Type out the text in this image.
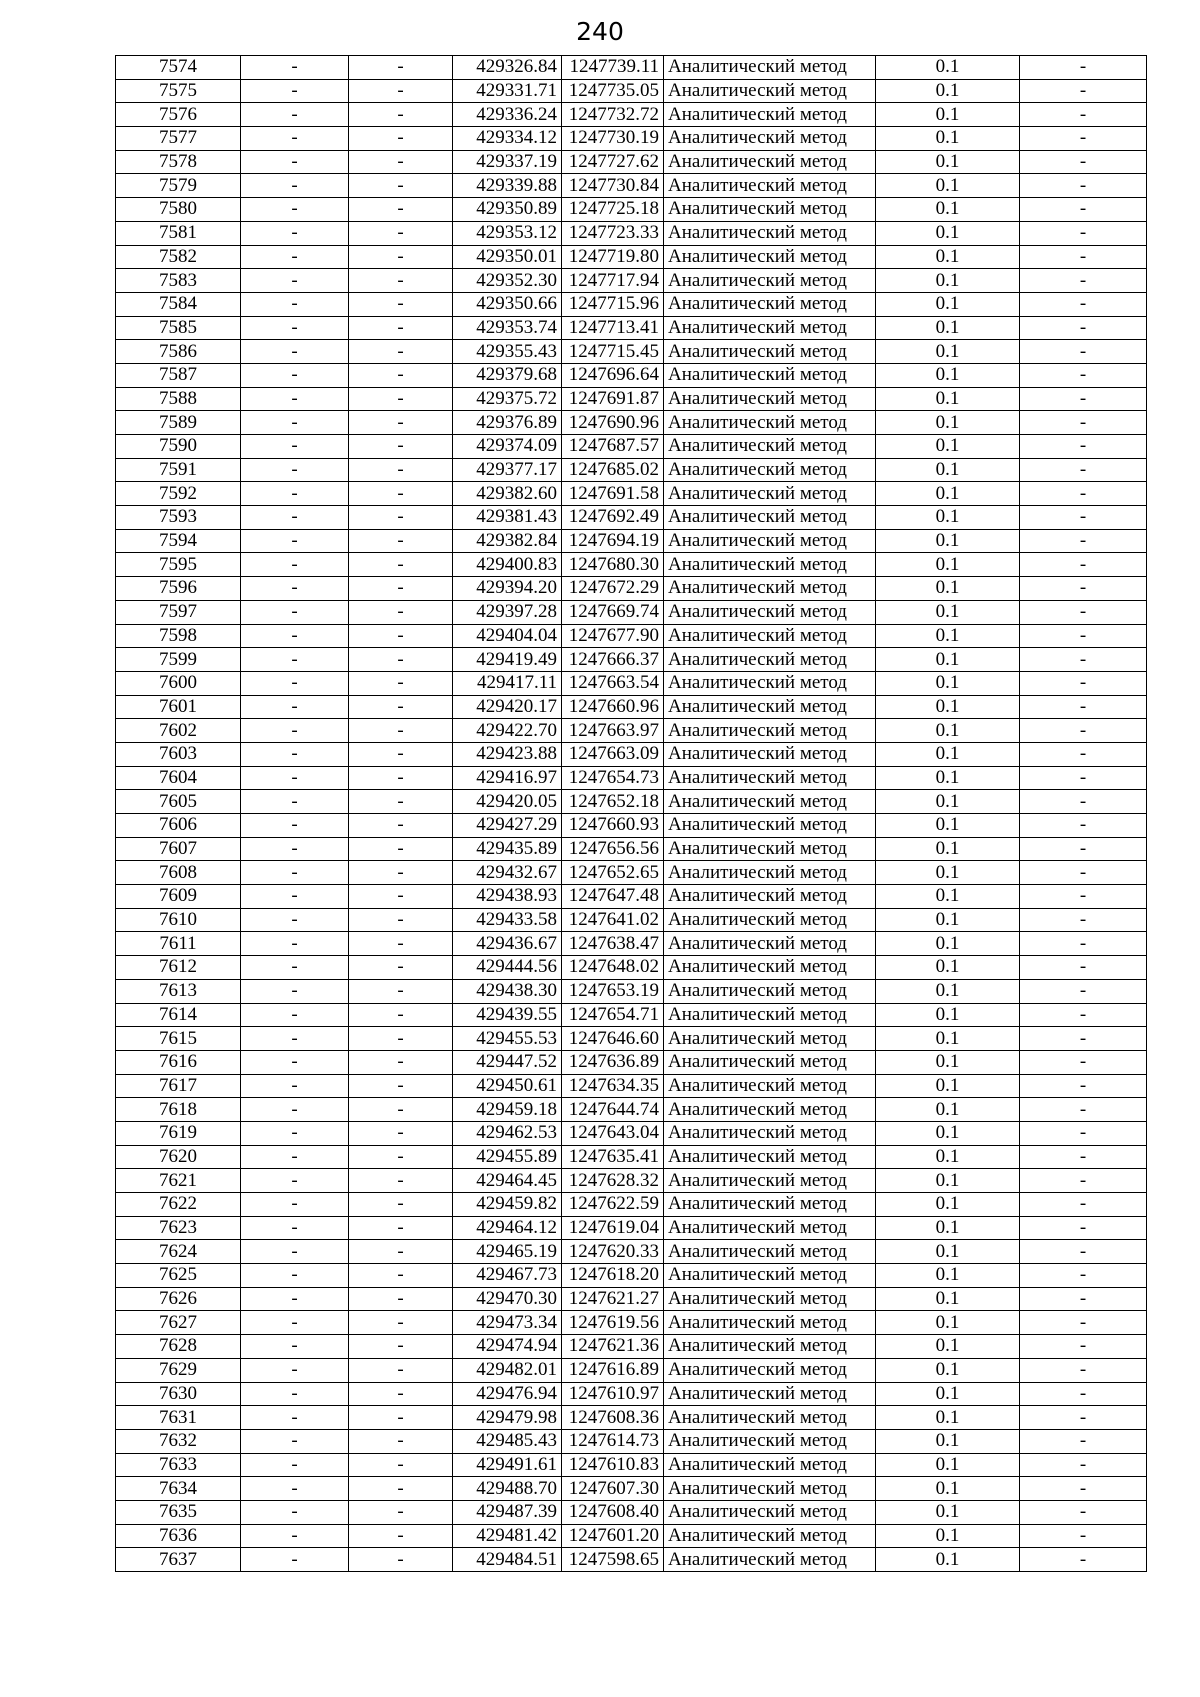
240
7574	-	-	429326.84	1247739.11	Аналитический метод	0.1	-
7575	-	-	429331.71	1247735.05	Аналитический метод	0.1	-
7576	-	-	429336.24	1247732.72	Аналитический метод	0.1	-
7577	-	-	429334.12	1247730.19	Аналитический метод	0.1	-
7578	-	-	429337.19	1247727.62	Аналитический метод	0.1	-
7579	-	-	429339.88	1247730.84	Аналитический метод	0.1	-
7580	-	-	429350.89	1247725.18	Аналитический метод	0.1	-
7581	-	-	429353.12	1247723.33	Аналитический метод	0.1	-
7582	-	-	429350.01	1247719.80	Аналитический метод	0.1	-
7583	-	-	429352.30	1247717.94	Аналитический метод	0.1	-
7584	-	-	429350.66	1247715.96	Аналитический метод	0.1	-
7585	-	-	429353.74	1247713.41	Аналитический метод	0.1	-
7586	-	-	429355.43	1247715.45	Аналитический метод	0.1	-
7587	-	-	429379.68	1247696.64	Аналитический метод	0.1	-
7588	-	-	429375.72	1247691.87	Аналитический метод	0.1	-
7589	-	-	429376.89	1247690.96	Аналитический метод	0.1	-
7590	-	-	429374.09	1247687.57	Аналитический метод	0.1	-
7591	-	-	429377.17	1247685.02	Аналитический метод	0.1	-
7592	-	-	429382.60	1247691.58	Аналитический метод	0.1	-
7593	-	-	429381.43	1247692.49	Аналитический метод	0.1	-
7594	-	-	429382.84	1247694.19	Аналитический метод	0.1	-
7595	-	-	429400.83	1247680.30	Аналитический метод	0.1	-
7596	-	-	429394.20	1247672.29	Аналитический метод	0.1	-
7597	-	-	429397.28	1247669.74	Аналитический метод	0.1	-
7598	-	-	429404.04	1247677.90	Аналитический метод	0.1	-
7599	-	-	429419.49	1247666.37	Аналитический метод	0.1	-
7600	-	-	429417.11	1247663.54	Аналитический метод	0.1	-
7601	-	-	429420.17	1247660.96	Аналитический метод	0.1	-
7602	-	-	429422.70	1247663.97	Аналитический метод	0.1	-
7603	-	-	429423.88	1247663.09	Аналитический метод	0.1	-
7604	-	-	429416.97	1247654.73	Аналитический метод	0.1	-
7605	-	-	429420.05	1247652.18	Аналитический метод	0.1	-
7606	-	-	429427.29	1247660.93	Аналитический метод	0.1	-
7607	-	-	429435.89	1247656.56	Аналитический метод	0.1	-
7608	-	-	429432.67	1247652.65	Аналитический метод	0.1	-
7609	-	-	429438.93	1247647.48	Аналитический метод	0.1	-
7610	-	-	429433.58	1247641.02	Аналитический метод	0.1	-
7611	-	-	429436.67	1247638.47	Аналитический метод	0.1	-
7612	-	-	429444.56	1247648.02	Аналитический метод	0.1	-
7613	-	-	429438.30	1247653.19	Аналитический метод	0.1	-
7614	-	-	429439.55	1247654.71	Аналитический метод	0.1	-
7615	-	-	429455.53	1247646.60	Аналитический метод	0.1	-
7616	-	-	429447.52	1247636.89	Аналитический метод	0.1	-
7617	-	-	429450.61	1247634.35	Аналитический метод	0.1	-
7618	-	-	429459.18	1247644.74	Аналитический метод	0.1	-
7619	-	-	429462.53	1247643.04	Аналитический метод	0.1	-
7620	-	-	429455.89	1247635.41	Аналитический метод	0.1	-
7621	-	-	429464.45	1247628.32	Аналитический метод	0.1	-
7622	-	-	429459.82	1247622.59	Аналитический метод	0.1	-
7623	-	-	429464.12	1247619.04	Аналитический метод	0.1	-
7624	-	-	429465.19	1247620.33	Аналитический метод	0.1	-
7625	-	-	429467.73	1247618.20	Аналитический метод	0.1	-
7626	-	-	429470.30	1247621.27	Аналитический метод	0.1	-
7627	-	-	429473.34	1247619.56	Аналитический метод	0.1	-
7628	-	-	429474.94	1247621.36	Аналитический метод	0.1	-
7629	-	-	429482.01	1247616.89	Аналитический метод	0.1	-
7630	-	-	429476.94	1247610.97	Аналитический метод	0.1	-
7631	-	-	429479.98	1247608.36	Аналитический метод	0.1	-
7632	-	-	429485.43	1247614.73	Аналитический метод	0.1	-
7633	-	-	429491.61	1247610.83	Аналитический метод	0.1	-
7634	-	-	429488.70	1247607.30	Аналитический метод	0.1	-
7635	-	-	429487.39	1247608.40	Аналитический метод	0.1	-
7636	-	-	429481.42	1247601.20	Аналитический метод	0.1	-
7637	-	-	429484.51	1247598.65	Аналитический метод	0.1	-
